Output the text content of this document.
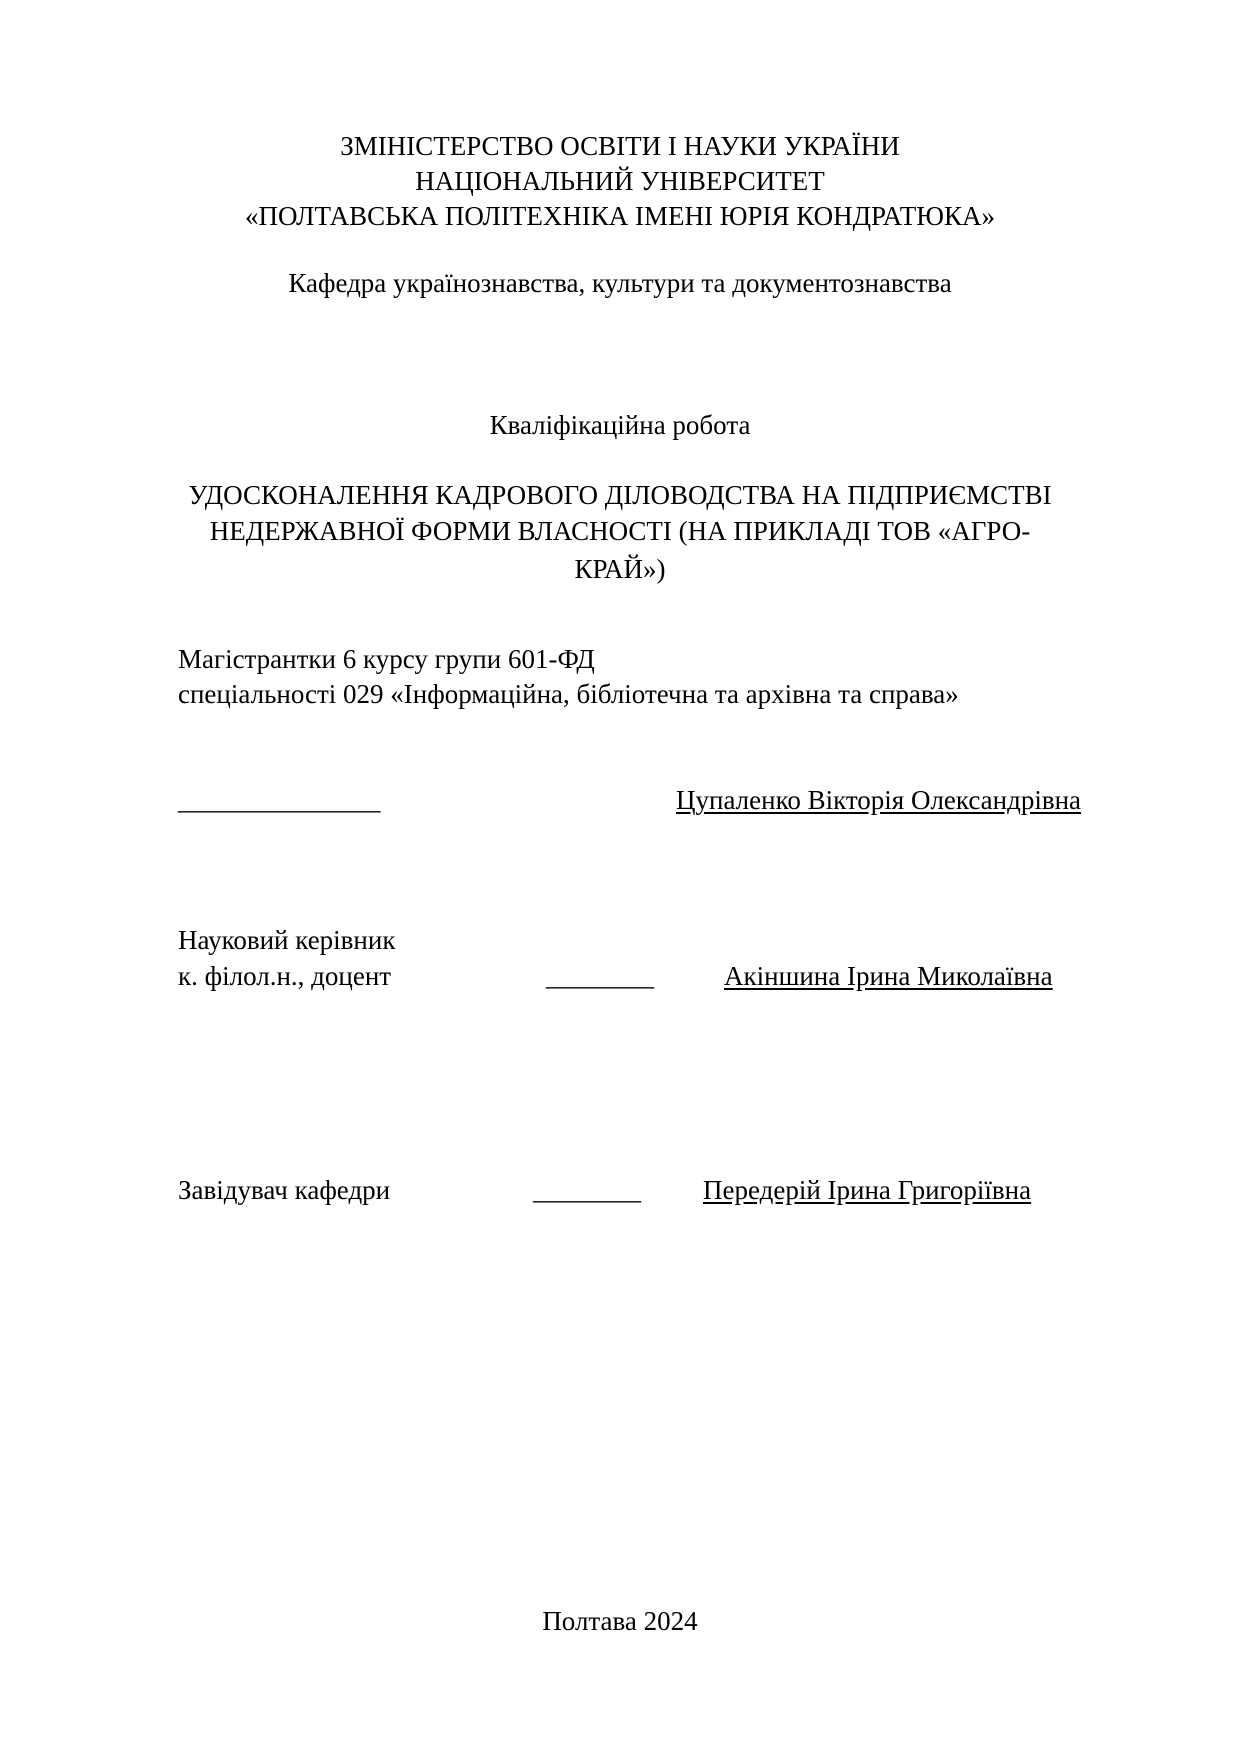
ЗМІНІСТЕРСТВО ОСВІТИ І НАУКИ УКРАЇНИ
НАЦІОНАЛЬНИЙ УНІВЕРСИТЕТ
«ПОЛТАВСЬКА ПОЛІТЕХНІКА ІМЕНІ ЮРІЯ КОНДРАТЮКА»
Кафедра українознавства, культури та документознавства
Кваліфікаційна робота
УДОСКОНАЛЕННЯ КАДРОВОГО ДІЛОВОДСТВА НА ПІДПРИЄМСТВІ
НЕДЕРЖАВНОЇ ФОРМИ ВЛАСНОСТІ (НА ПРИКЛАДІ ТОВ «АГРО-
КРАЙ»)
Магістрантки 6 курсу групи 601-ФД
спеціальності 029 «Інформаційна, бібліотечна та архівна та справа»
_______________	Цупаленко Вікторія Олександрівна
Науковий керівник
к. філол.н., доцент	________	Акіншина Ірина Миколаївна
Завідувач кафедри	________ Передерій Ірина Григоріївна
Полтава 2024
